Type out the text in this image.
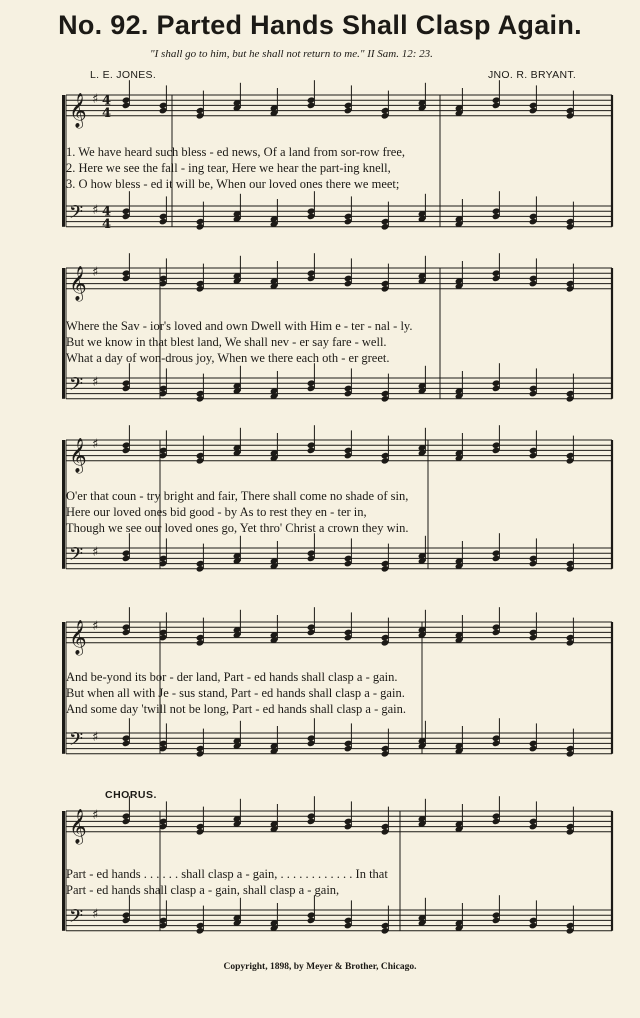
No. 92. Parted Hands Shall Clasp Again.
"I shall go to him, but he shall not return to me." II Sam. 12: 23.
L. E. JONES.	JNO. R. BRYANT.
𝄞 ♯
𝄢 ♯
4
4
4
4
𝄞 ♯
𝄢 ♯
𝄞 ♯
𝄢 ♯
𝄞 ♯
𝄢 ♯
𝄞 ♯
𝄢 ♯
1. We have heard such bless - ed news, Of a land from sor-row free,
2. Here we see the fall - ing tear, Here we hear the part-ing knell,
3. O how bless - ed it will be, When our loved ones there we meet;
Where the Sav - ior's loved and own Dwell with Him e - ter - nal - ly.
But we know in that blest land, We shall nev - er say fare - well.
What a day of won-drous joy, When we there each oth - er greet.
O'er that coun - try bright and fair, There shall come no shade of sin,
Here our loved ones bid good - by As to rest they en - ter in,
Though we see our loved ones go, Yet thro' Christ a crown they win.
And be-yond its bor - der land, Part - ed hands shall clasp a - gain.
But when all with Je - sus stand, Part - ed hands shall clasp a - gain.
And some day 'twill not be long, Part - ed hands shall clasp a - gain.
CHORUS.
Part - ed hands . . . . . . shall clasp a - gain, . . . . . . . . . . . . In that
Part - ed hands shall clasp a - gain, shall clasp a - gain,
Copyright, 1898, by Meyer & Brother, Chicago.
